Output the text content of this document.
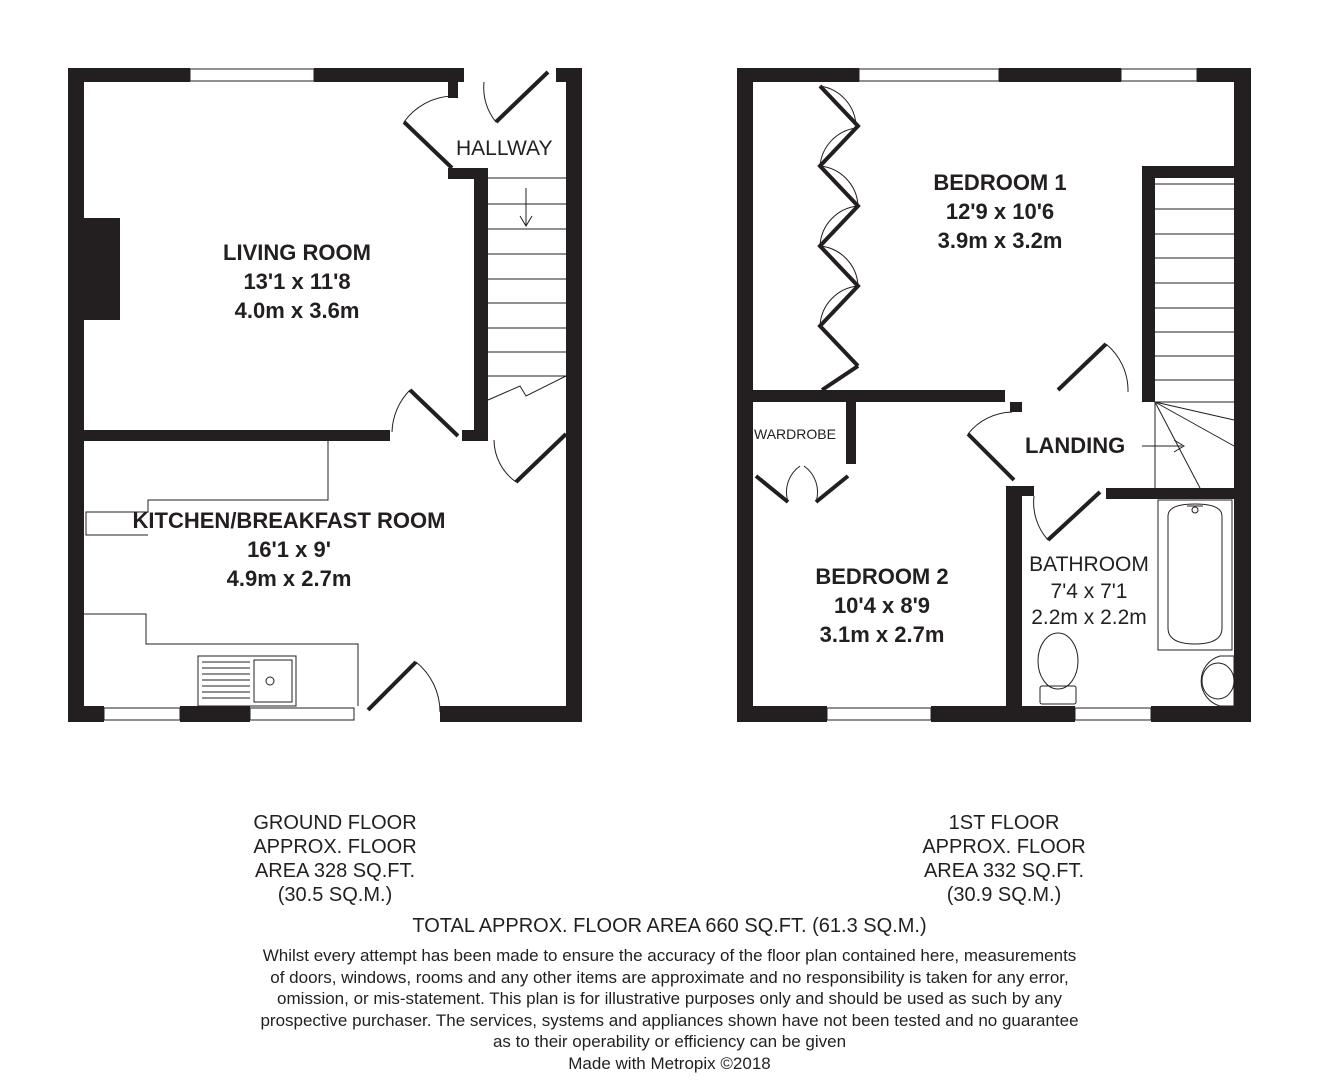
HALLWAY
LIVING ROOM
13'1 x 11'8
4.0m x 3.6m
KITCHEN/BREAKFAST ROOM
16'1 x 9'
4.9m x 2.7m
BEDROOM 1
12'9 x 10'6
3.9m x 3.2m
WARDROBE	LANDING
BEDROOM 2
10'4 x 8'9
3.1m x 2.7m
BATHROOM
7'4 x 7'1
2.2m x 2.2m
GROUND FLOOR
APPROX. FLOOR
AREA 328 SQ.FT.
(30.5 SQ.M.)
1ST FLOOR
APPROX. FLOOR
AREA 332 SQ.FT.
(30.9 SQ.M.)
TOTAL APPROX. FLOOR AREA 660 SQ.FT. (61.3 SQ.M.)
Whilst every attempt has been made to ensure the accuracy of the floor plan contained here, measurements
of doors, windows, rooms and any other items are approximate and no responsibility is taken for any error,
omission, or mis-statement. This plan is for illustrative purposes only and should be used as such by any
prospective purchaser. The services, systems and appliances shown have not been tested and no guarantee
as to their operability or efficiency can be given
Made with Metropix ©2018
